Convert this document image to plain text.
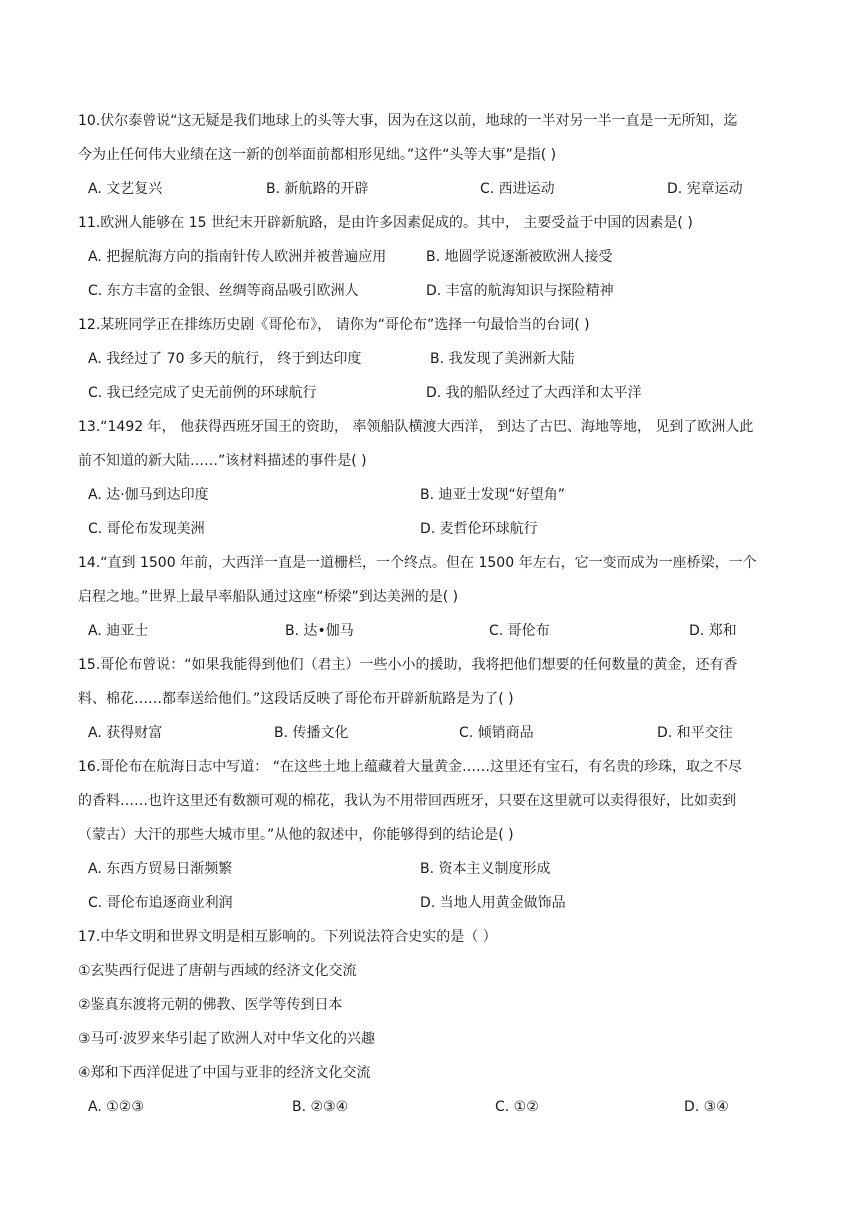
10.伏尔泰曾说“这无疑是我们地球上的头等大事，因为在这以前，地球的一半对另一半一直是一无所知，迄
今为止任何伟大业绩在这一新的创举面前都相形见绌。”这件“头等大事”是指( )
A. 文艺复兴	B. 新航路的开辟	C. 西进运动	D. 宪章运动
11.欧洲人能够在 15 世纪末开辟新航路，是由许多因素促成的。其中， 主要受益于中国的因素是( )
A. 把握航海方向的指南针传人欧洲并被普遍应用	B. 地圆学说逐渐被欧洲人接受
C. 东方丰富的金银、丝绸等商品吸引欧洲人	D. 丰富的航海知识与探险精神
12.某班同学正在排练历史剧《哥伦布》， 请你为“哥伦布”选择一句最恰当的台词( )
A. 我经过了 70 多天的航行， 终于到达印度	B. 我发现了美洲新大陆
C. 我已经完成了史无前例的环球航行	D. 我的船队经过了大西洋和太平洋
13.“1492 年， 他获得西班牙国王的资助， 率领船队横渡大西洋， 到达了古巴、海地等地， 见到了欧洲人此
前不知道的新大陆……”该材料描述的事件是( )
A. 达·伽马到达印度	B. 迪亚士发现“好望角”
C. 哥伦布发现美洲	D. 麦哲伦环球航行
14.“直到 1500 年前，大西洋一直是一道栅栏，一个终点。但在 1500 年左右，它一变而成为一座桥梁，一个
启程之地。”世界上最早率船队通过这座“桥梁”到达美洲的是( )
A. 迪亚士	B. 达•伽马	C. 哥伦布	D. 郑和
15.哥伦布曾说：“如果我能得到他们（君主）一些小小的援助，我将把他们想要的任何数量的黄金，还有香
料、棉花……都奉送给他们。”这段话反映了哥伦布开辟新航路是为了( )
A. 获得财富	B. 传播文化	C. 倾销商品	D. 和平交往
16.哥伦布在航海日志中写道： “在这些土地上蕴藏着大量黄金……这里还有宝石，有名贵的珍珠，取之不尽
的香料……也许这里还有数额可观的棉花，我认为不用带回西班牙，只要在这里就可以卖得很好，比如卖到
（蒙古）大汗的那些大城市里。”从他的叙述中，你能够得到的结论是( )
A. 东西方贸易日渐频繁	B. 资本主义制度形成
C. 哥伦布追逐商业利润	D. 当地人用黄金做饰品
17.中华文明和世界文明是相互影响的。下列说法符合史实的是（ ）
①玄奘西行促进了唐朝与西域的经济文化交流
②鉴真东渡将元朝的佛教、医学等传到日本
③马可·波罗来华引起了欧洲人对中华文化的兴趣
④郑和下西洋促进了中国与亚非的经济文化交流
A. ①②③	B. ②③④	C. ①②	D. ③④
